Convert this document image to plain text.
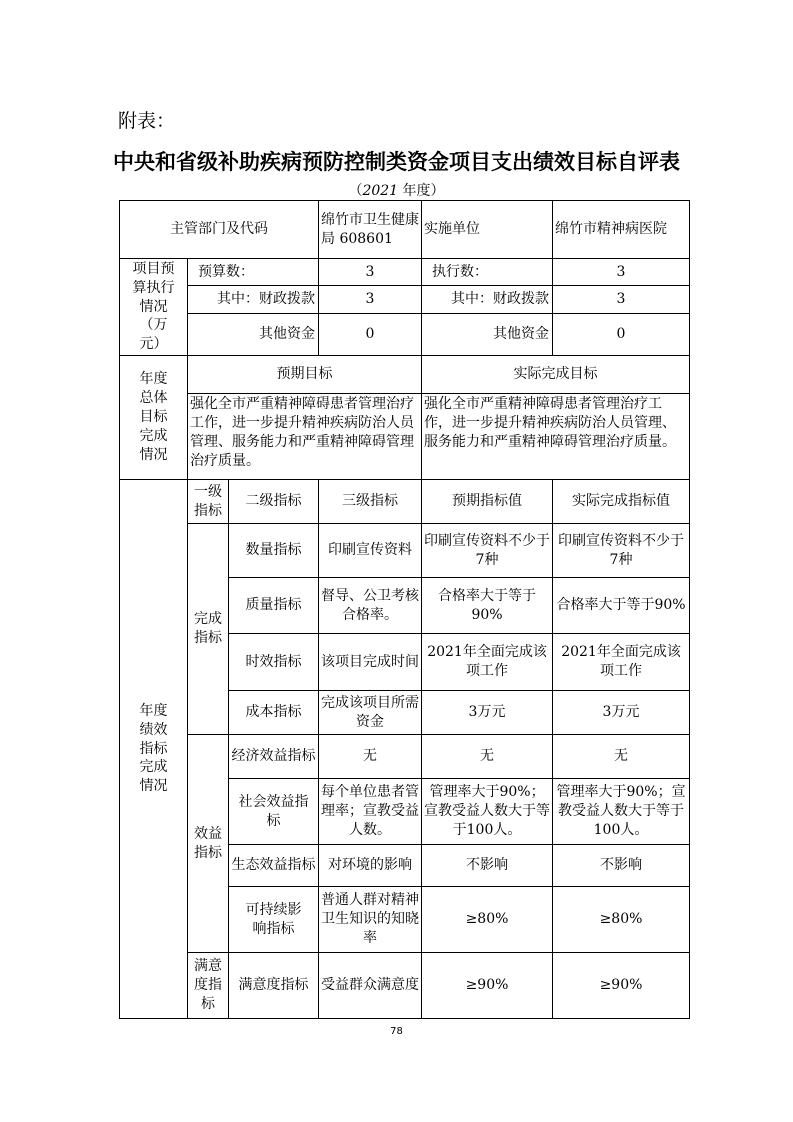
附表：
中央和省级补助疾病预防控制类资金项目支出绩效目标自评表
（2021 年度）
主管部门及代码			绵竹市卫生健康局 608601	实施单位	绵竹市精神病医院
项目预算执行情况（万元）	预算数：		3	执行数：	3
	其中：财政拨款		3	其中：财政拨款	3
	其他资金		0	其他资金	0
年度总体目标完成情况	预期目标			实际完成目标	
	强化全市严重精神障碍患者管理治疗工作，进一步提升精神疾病防治人员管理、服务能力和严重精神障碍管理治疗质量。			强化全市严重精神障碍患者管理治疗工作，进一步提升精神疾病防治人员管理、服务能力和严重精神障碍管理治疗质量。	
年度绩效指标完成情况	一级指标	二级指标	三级指标	预期指标值	实际完成指标值
	完成指标	数量指标	印刷宣传资料	印刷宣传资料不少于7种	印刷宣传资料不少于7种
		质量指标	督导、公卫考核合格率。	合格率大于等于90%	合格率大于等于90%
		时效指标	该项目完成时间	2021年全面完成该项工作	2021年全面完成该项工作
		成本指标	完成该项目所需资金	3万元	3万元
	效益指标	经济效益指标	无	无	无
		社会效益指标	每个单位患者管理率；宣教受益人数。	管理率大于90%；宣教受益人数大于等于100人。	管理率大于90%；宣教受益人数大于等于100人。
		生态效益指标	对环境的影响	不影响	不影响
		可持续影响指标	普通人群对精神卫生知识的知晓率	≥80%	≥80%
	满意度指标	满意度指标	受益群众满意度	≥90%	≥90%
78
